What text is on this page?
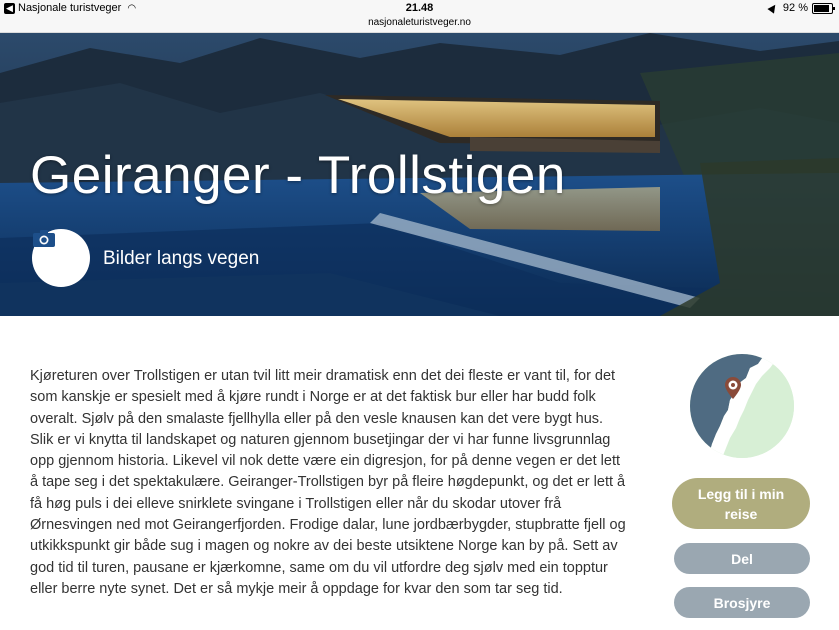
◀ Nasjonale turistveger ◠	21.48
nasjonaleturistveger.no
92 %
Geiranger - Trollstigen
Bilder langs vegen

Kjøreturen over Trollstigen er utan tvil litt meir dramatisk enn det dei fleste er vant til, for det som kanskje er spesielt med å kjøre rundt i Norge er at det faktisk bur eller har budd folk overalt. Sjølv på den smalaste fjellhylla eller på den vesle knausen kan det vere bygt hus. Slik er vi knytta til landskapet og naturen gjennom busetjingar der vi har funne livsgrunnlag opp gjennom historia. Likevel vil nok dette være ein digresjon, for på denne vegen er det lett å tape seg i det spektakulære. Geiranger-Trollstigen byr på fleire høgdepunkt, og det er lett å få høg puls i dei elleve snirklete svingane i Trollstigen eller når du skodar utover frå Ørnesvingen ned mot Geirangerfjorden. Frodige dalar, lune jordbærbygder, stupbratte fjell og utkikkspunkt gir både sug i magen og nokre av dei beste utsiktene Norge kan by på. Sett av god tid til turen, pausane er kjærkomne, same om du vil utfordre deg sjølv med ein topptur eller berre nyte synet. Det er så mykje meir å oppdage for kvar den som tar seg tid.

Legg til i min reise
Del
Brosjyre
